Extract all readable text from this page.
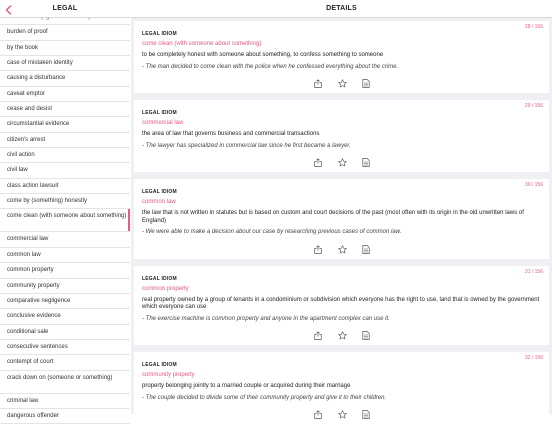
burden of proof
by the book
case of mistaken identity
causing a disturbance
caveat emptor
cease and desist
circumstantial evidence
citizen's arrest
civil action
civil law
class action lawsuit
come by (something) honestly
come clean (with someone about something)
commercial law
common law
common property
community property
comparative negligence
conclusive evidence
conditional sale
consecutive sentences
contempt of court
crack down on (someone or something)
criminal law
dangerous offender
LEGAL	DETAILS
28 / 156
LEGAL IDIOM
come clean (with someone about something)
to be completely honest with someone about something, to confess something to someone
- The man decided to come clean with the police when he confessed everything about the crime.
29 / 156
LEGAL IDIOM
commercial law
the area of law that governs business and commercial transactions
- The lawyer has specialized in commercial law since he first became a lawyer.
30 / 156
LEGAL IDIOM
common law
the law that is not written in statutes but is based on custom and court decisions of the past (most often with its origin in the old unwritten laws of England)
- We were able to make a decision about our case by researching previous cases of common law.
31 / 156
LEGAL IDIOM
common property
real property owned by a group of tenants in a condominium or subdivision which everyone has the right to use, land that is owned by the government which everyone can use
- The exercise machine is common property and anyone in the apartment complex can use it.
32 / 156
LEGAL IDIOM
community property
property belonging jointly to a married couple or acquired during their marriage
- The couple decided to divide some of their community property and give it to their children.
